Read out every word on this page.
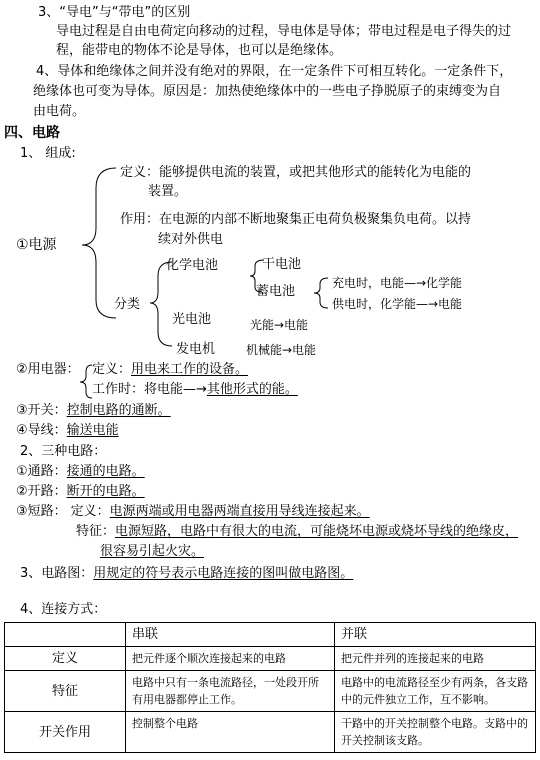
3、“导电”与“带电”的区别
导电过程是自由电荷定向移动的过程，导电体是导体；带电过程是电子得失的过
程，能带电的物体不论是导体，也可以是绝缘体。
4、导体和绝缘体之间并没有绝对的界限，在一定条件下可相互转化。一定条件下，
绝缘体也可变为导体。原因是：加热使绝缘体中的一些电子挣脱原子的束缚变为自
由电荷。
四、电路
1、 组成:
①电源
定义：能够提供电流的装置，或把其他形式的能转化为电能的
装置。
作用：在电源的内部不断地聚集正电荷负极聚集负电荷。以持
续对外供电
分类
化学电池	干电池
蓄电池
充电时，电能—→化学能
供电时，化学能—→电能
光电池	光能→电能
发电机	机械能→电能
②用电器： 定义：用电来工作的设备。
工作时：将电能—→其他形式的能。
③开关：控制电路的通断。
④导线：输送电能
2、三种电路：
①通路：接通的电路。
②开路：断开的电路。
③短路： 定义：电源两端或用电器两端直接用导线连接起来。
特征：电源短路，电路中有很大的电流，可能烧坏电源或烧坏导线的绝缘皮，
很容易引起火灾。
3、电路图：用规定的符号表示电路连接的图叫做电路图。
4、连接方式：
	串联	并联
定义	把元件逐个顺次连接起来的电路	把元件并列的连接起来的电路
特征	电路中只有一条电流路径，一处段开所有用电器都停止工作。	电路中的电流路径至少有两条，各支路中的元件独立工作，互不影响。
开关作用	控制整个电路	干路中的开关控制整个电路。支路中的开关控制该支路。
